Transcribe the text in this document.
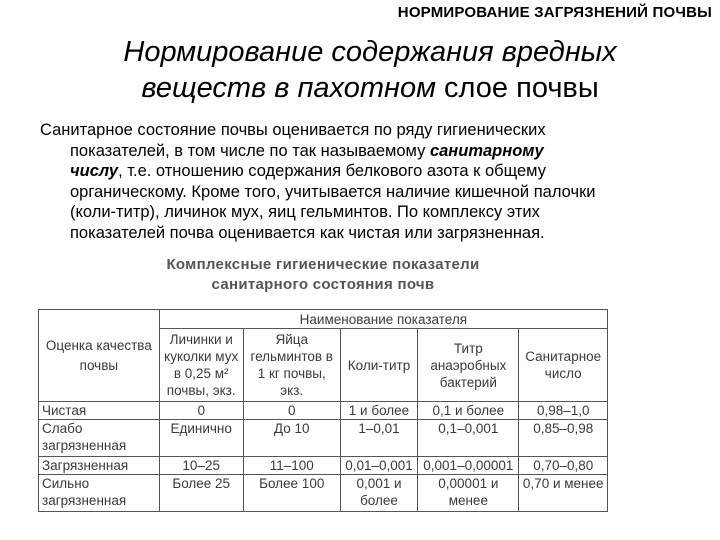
НОРМИРОВАНИЕ ЗАГРЯЗНЕНИЙ ПОЧВЫ
Нормирование содержания вредных
веществ в пахотном слое почвы
Санитарное состояние почвы оценивается по ряду гигиенических
показателей, в том числе по так называемому санитарному
числу, т.е. отношению содержания белкового азота к общему
органическому. Кроме того, учитывается наличие кишечной палочки
(коли-титр), личинок мух, яиц гельминтов. По комплексу этих
показателей почва оценивается как чистая или загрязненная.
Комплексные гигиенические показатели
санитарного состояния почв
Оценка качества почвы	Наименование показателя				
	Личинки и куколки мух в 0,25 м² почвы, экз.	Яйца гельминтов в 1 кг почвы, экз.	Коли-титр	Титр анаэробных бактерий	Санитарное число
Чистая	0	0	1 и более	0,1 и более	0,98–1,0
Слабо загрязненная	Единично	До 10	1–0,01	0,1–0,001	0,85–0,98
Загрязненная	10–25	11–100	0,01–0,001	0,001–0,00001	0,70–0,80
Сильно загрязненная	Более 25	Более 100	0,001 и более	0,00001 и менее	0,70 и менее
